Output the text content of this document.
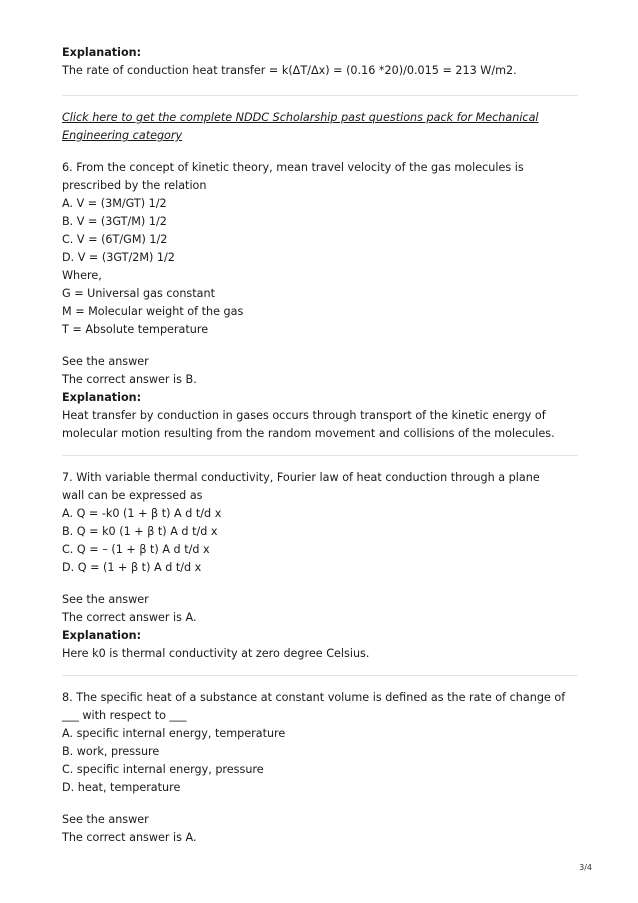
Explanation:
The rate of conduction heat transfer = k(ΔT/Δx) = (0.16 *20)/0.015 = 213 W/m2.
Click here to get the complete NDDC Scholarship past questions pack for Mechanical
Engineering category
6. From the concept of kinetic theory, mean travel velocity of the gas molecules is
prescribed by the relation
A. V = (3M/GT) 1/2
B. V = (3GT/M) 1/2
C. V = (6T/GM) 1/2
D. V = (3GT/2M) 1/2
Where,
G = Universal gas constant
M = Molecular weight of the gas
T = Absolute temperature
See the answer
The correct answer is B.
Explanation:
Heat transfer by conduction in gases occurs through transport of the kinetic energy of
molecular motion resulting from the random movement and collisions of the molecules.
7. With variable thermal conductivity, Fourier law of heat conduction through a plane
wall can be expressed as
A. Q = -k0 (1 + β t) A d t/d x
B. Q = k0 (1 + β t) A d t/d x
C. Q = – (1 + β t) A d t/d x
D. Q = (1 + β t) A d t/d x
See the answer
The correct answer is A.
Explanation:
Here k0 is thermal conductivity at zero degree Celsius.
8. The specific heat of a substance at constant volume is defined as the rate of change of
___ with respect to ___
A. specific internal energy, temperature
B. work, pressure
C. specific internal energy, pressure
D. heat, temperature
See the answer
The correct answer is A.
3/4
